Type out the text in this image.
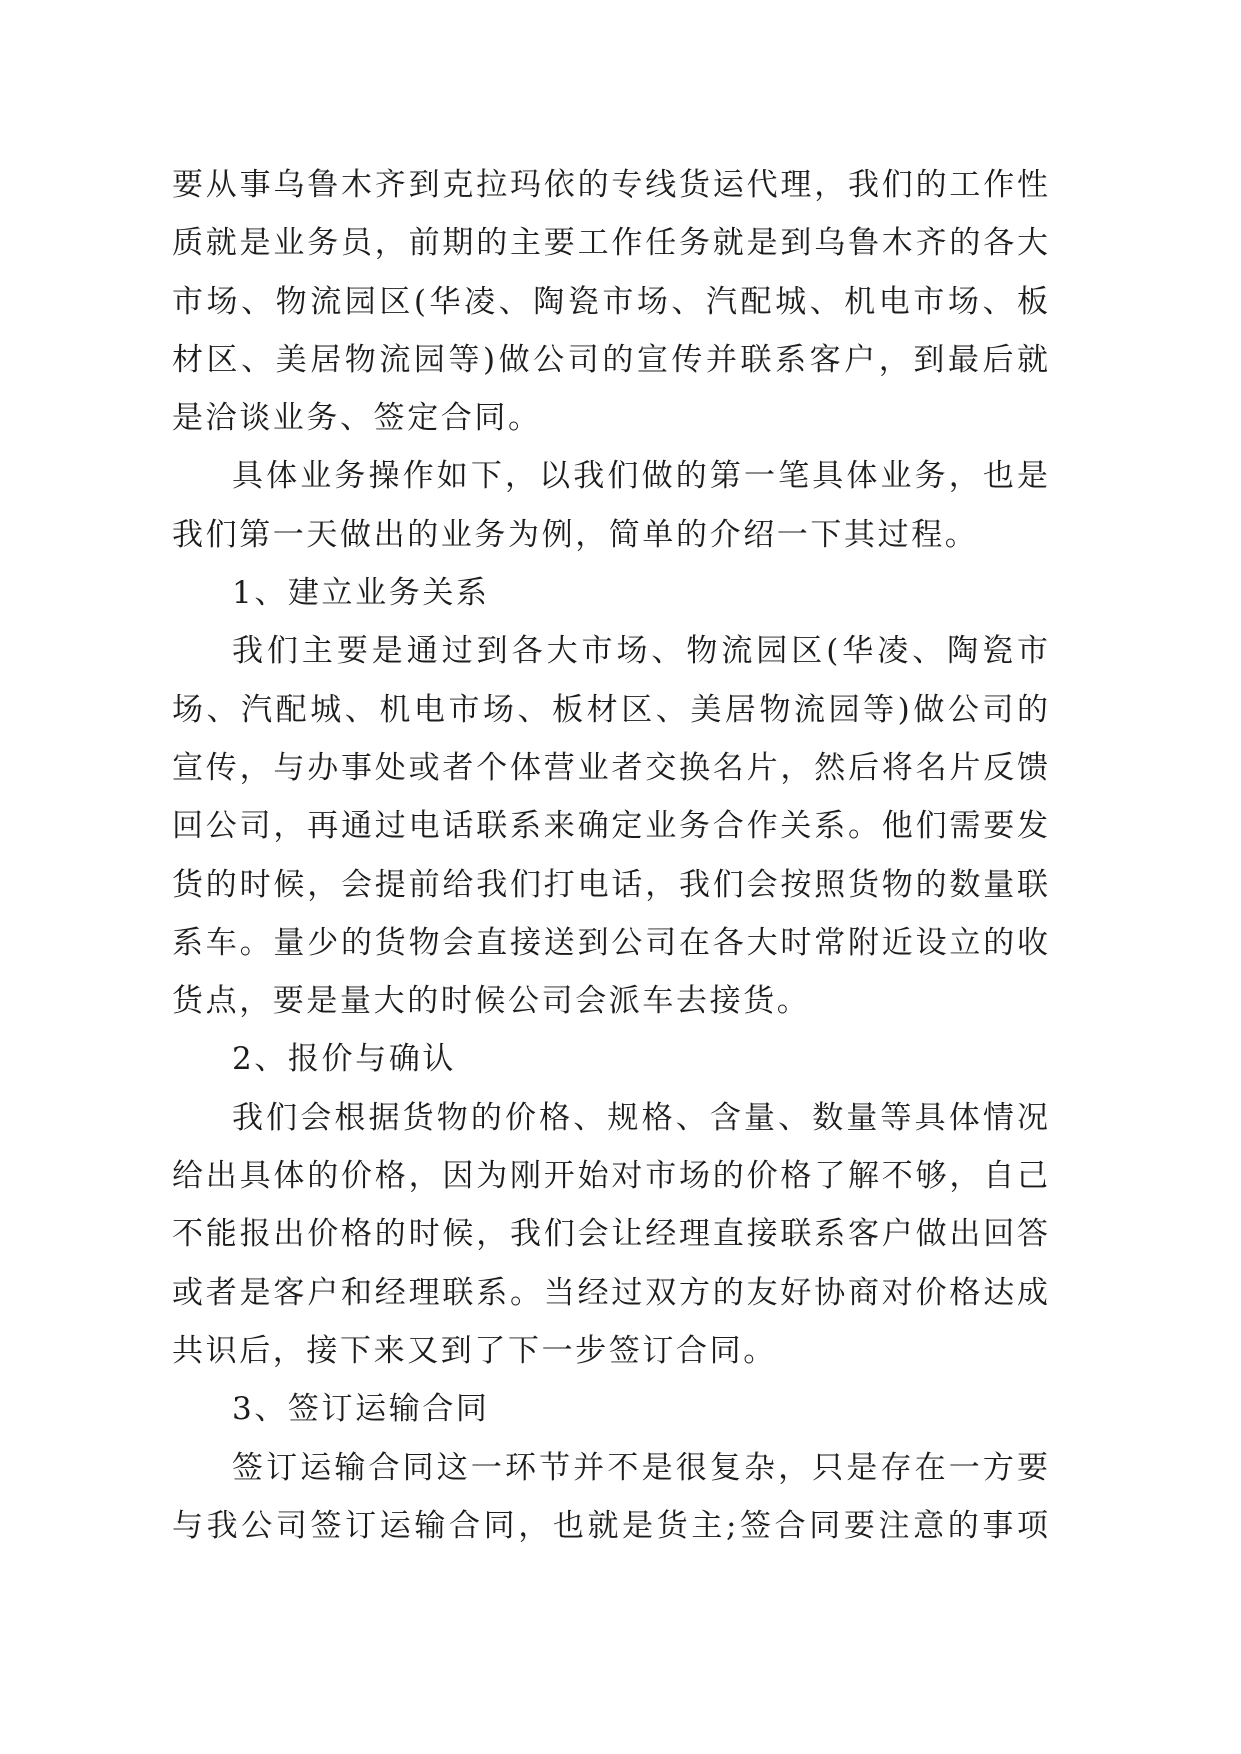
要从事乌鲁木齐到克拉玛依的专线货运代理，我们的工作性
质就是业务员，前期的主要工作任务就是到乌鲁木齐的各大
市场、物流园区(华凌、陶瓷市场、汽配城、机电市场、板
材区、美居物流园等)做公司的宣传并联系客户，到最后就
是洽谈业务、签定合同。
具体业务操作如下，以我们做的第一笔具体业务，也是
我们第一天做出的业务为例，简单的介绍一下其过程。
1、建立业务关系
我们主要是通过到各大市场、物流园区(华凌、陶瓷市
场、汽配城、机电市场、板材区、美居物流园等)做公司的
宣传，与办事处或者个体营业者交换名片，然后将名片反馈
回公司，再通过电话联系来确定业务合作关系。他们需要发
货的时候，会提前给我们打电话，我们会按照货物的数量联
系车。量少的货物会直接送到公司在各大时常附近设立的收
货点，要是量大的时候公司会派车去接货。
2、报价与确认
我们会根据货物的价格、规格、含量、数量等具体情况
给出具体的价格，因为刚开始对市场的价格了解不够，自己
不能报出价格的时候，我们会让经理直接联系客户做出回答
或者是客户和经理联系。当经过双方的友好协商对价格达成
共识后，接下来又到了下一步签订合同。
3、签订运输合同
签订运输合同这一环节并不是很复杂，只是存在一方要
与我公司签订运输合同，也就是货主;签合同要注意的事项
